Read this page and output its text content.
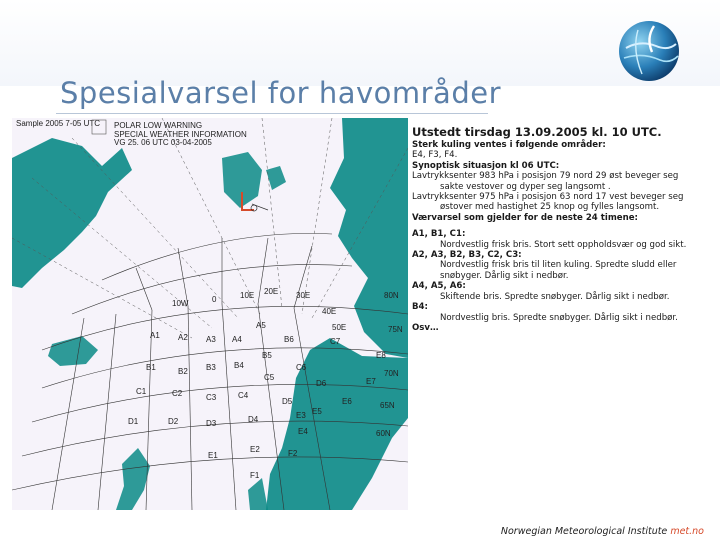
Spesialvarsel for havområder
POLAR LOW WARNING
SPECIAL WEATHER INFORMATION
VG 25. 06 UTC 03-04-2005
Sample 2005 7-05 UTC
A1 A2 A3 A4
A5
B1	B2 B3 B4
B5
B6
C1	C2	C3	C4
C5
C6
C7
D1	D2	D3	D4
D5
D6
E1
E2
E3
E4
E5
E6
E7
E8
F1
F2
10W	0	10E 20E 30E
40E
50E
60N
65N
70N
75N
80N
Utstedt tirsdag 13.09.2005 kl. 10 UTC.
Sterk kuling ventes i følgende områder:
E4, F3, F4.
Synoptisk situasjon kl 06 UTC:
Lavtrykksenter 983 hPa i posisjon 79 nord 29 øst beveger seg
sakte vestover og dyper seg langsomt .
Lavtrykksenter 975 hPa i posisjon 63 nord 17 vest beveger seg
østover med hastighet 25 knop og fylles langsomt.
Værvarsel som gjelder for de neste 24 timene:
A1, B1, C1:
Nordvestlig frisk bris. Stort sett oppholdsvær og god sikt.
A2, A3, B2, B3, C2, C3:
Nordvestlig frisk bris til liten kuling. Spredte sludd eller
snøbyger. Dårlig sikt i nedbør.
A4, A5, A6:
Skiftende bris. Spredte snøbyger. Dårlig sikt i nedbør.
B4:
Nordvestlig bris. Spredte snøbyger. Dårlig sikt i nedbør.
Osv…
Norwegian Meteorological Institute met.no
